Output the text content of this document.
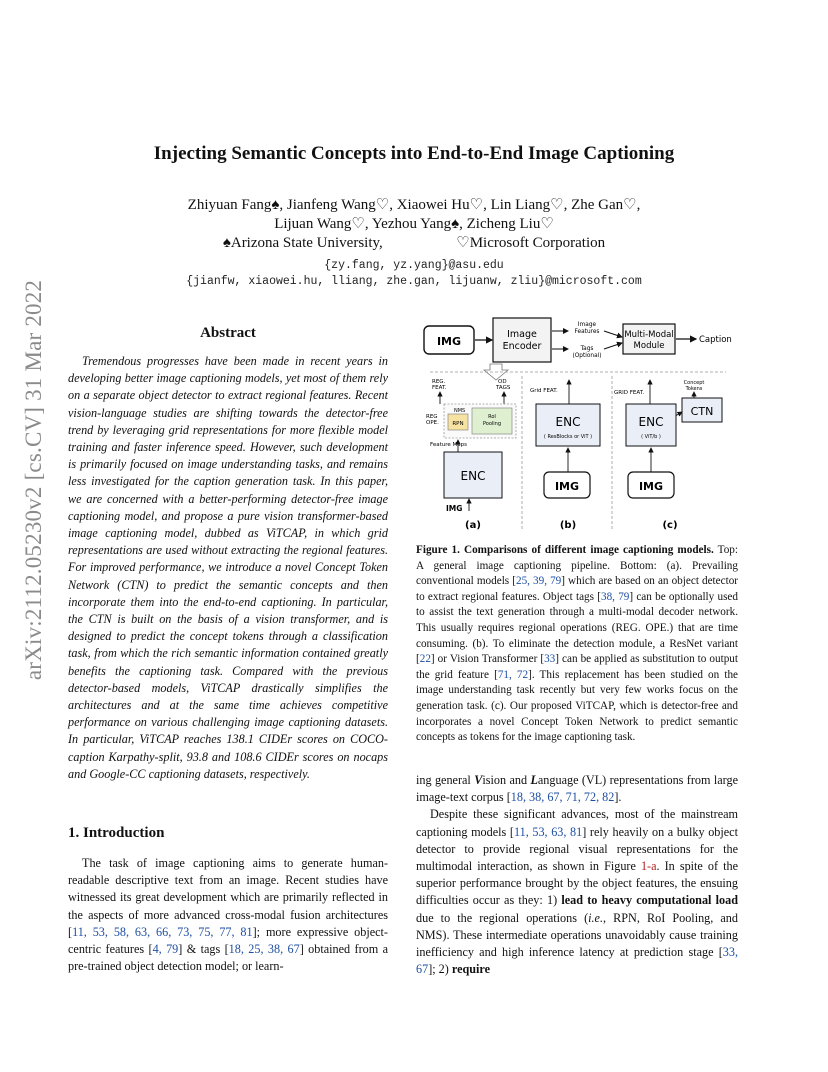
arXiv:2112.05230v2 [cs.CV] 31 Mar 2022
Injecting Semantic Concepts into End-to-End Image Captioning
Zhiyuan Fang♠, Jianfeng Wang♡, Xiaowei Hu♡, Lin Liang♡, Zhe Gan♡,
Lijuan Wang♡, Yezhou Yang♠, Zicheng Liu♡
♠Arizona State University,	♡Microsoft Corporation
{zy.fang, yz.yang}@asu.edu
{jianfw, xiaowei.hu, lliang, zhe.gan, lijuanw, zliu}@microsoft.com
Abstract
Tremendous progresses have been made in recent years in developing better image captioning models, yet most of them rely on a separate object detector to extract regional features. Recent vision-language studies are shifting towards the detector-free trend by leveraging grid representations for more flexible model training and faster inference speed. However, such development is primarily focused on image understanding tasks, and remains less investigated for the caption generation task. In this paper, we are concerned with a better-performing detector-free image captioning model, and propose a pure vision transformer-based image captioning model, dubbed as ViTCAP, in which grid representations are used without extracting the regional features. For improved performance, we introduce a novel Concept Token Network (CTN) to predict the semantic concepts and then incorporate them into the end-to-end captioning. In particular, the CTN is built on the basis of a vision transformer, and is designed to predict the concept tokens through a classification task, from which the rich semantic information contained greatly benefits the captioning task. Compared with the previous detector-based models, ViTCAP drastically simplifies the architectures and at the same time achieves competitive performance on various challenging image captioning datasets. In particular, ViTCAP reaches 138.1 CIDEr scores on COCO-caption Karpathy-split, 93.8 and 108.6 CIDEr scores on nocaps and Google-CC captioning datasets, respectively.
1. Introduction
The task of image captioning aims to generate human-readable descriptive text from an image. Recent studies have witnessed its great development which are primarily reflected in the aspects of more advanced cross-modal fusion architectures [11, 53, 58, 63, 66, 73, 75, 77, 81]; more expressive object-centric features [4, 79] & tags [18, 25, 38, 67] obtained from a pre-trained object detection model; or learn-
IMG
Image
Encoder
Image
Features
Tags
(Optional)
Multi-Modal
Module
Caption
REG.
FEAT.
OD
TAGS
REG
OPE.
NMS
RPN
RoI
Pooling
Feature Maps
ENC
IMG
(a)
Grid FEAT.
ENC
( ResBlocks or ViT )
IMG
(b)
GRID FEAT.
Concept
Tokens
CTN
ENC
( ViT/b )
IMG
(c)
Figure 1. Comparisons of different image captioning models. Top: A general image captioning pipeline. Bottom: (a). Prevailing conventional models [25, 39, 79] which are based on an object detector to extract regional features. Object tags [38, 79] can be optionally used to assist the text generation through a multi-modal decoder network. This usually requires regional operations (REG. OPE.) that are time consuming. (b). To eliminate the detection module, a ResNet variant [22] or Vision Transformer [33] can be applied as substitution to output the grid feature [71, 72]. This replacement has been studied on the image understanding task recently but very few works focus on the generation task. (c). Our proposed ViTCAP, which is detector-free and incorporates a novel Concept Token Network to predict semantic concepts as tokens for the image captioning task.

ing general Vision and Language (VL) representations from large image-text corpus [18, 38, 67, 71, 72, 82].

Despite these significant advances, most of the mainstream captioning models [11, 53, 63, 81] rely heavily on a bulky object detector to provide regional visual representations for the multimodal interaction, as shown in Figure 1-a. In spite of the superior performance brought by the object features, the ensuing difficulties occur as they: 1) lead to heavy computational load due to the regional operations (i.e., RPN, RoI Pooling, and NMS). These intermediate operations unavoidably cause training inefficiency and high inference latency at prediction stage [33, 67]; 2) require
